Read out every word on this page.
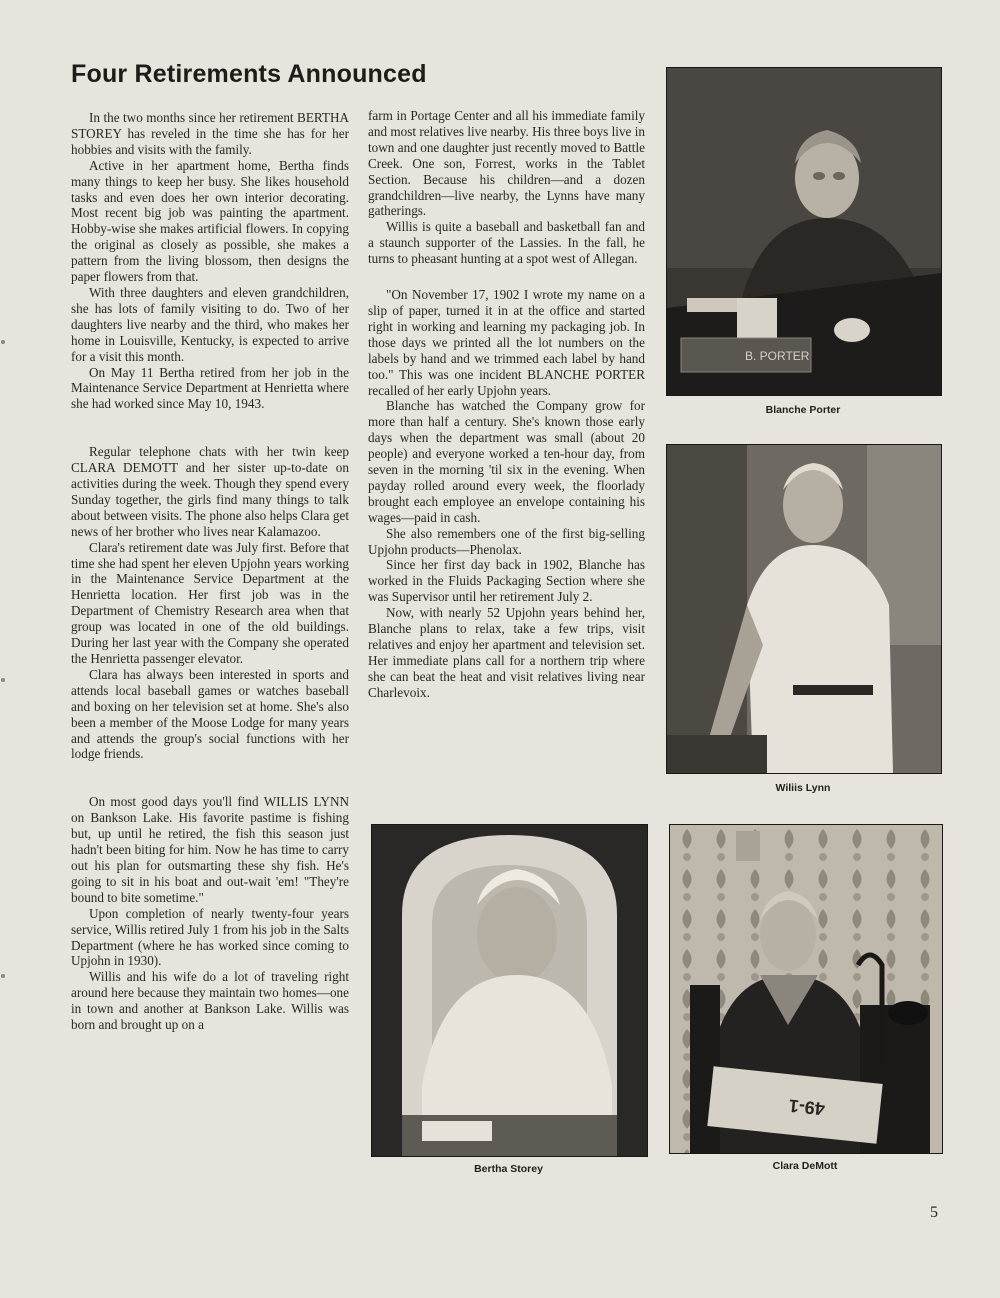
Four Retirements Announced

In the two months since her retirement BERTHA STOREY has reveled in the time she has for her hobbies and visits with the family.

Active in her apartment home, Bertha finds many things to keep her busy. She likes household tasks and even does her own interior decorating. Most recent big job was painting the apartment. Hobby-wise she makes artificial flowers. In copying the original as closely as possible, she makes a pattern from the living blossom, then designs the paper flowers from that.

With three daughters and eleven grandchildren, she has lots of family visiting to do. Two of her daughters live nearby and the third, who makes her home in Louisville, Kentucky, is expected to arrive for a visit this month.

On May 11 Bertha retired from her job in the Maintenance Service Department at Henrietta where she had worked since May 10, 1943.

Regular telephone chats with her twin keep CLARA DEMOTT and her sister up-to-date on activities during the week. Though they spend every Sunday together, the girls find many things to talk about between visits. The phone also helps Clara get news of her brother who lives near Kalamazoo.

Clara's retirement date was July first. Before that time she had spent her eleven Upjohn years working in the Maintenance Service Department at the Henrietta location. Her first job was in the Department of Chemistry Research area when that group was located in one of the old buildings. During her last year with the Company she operated the Henrietta passenger elevator.

Clara has always been interested in sports and attends local baseball games or watches baseball and boxing on her television set at home. She's also been a member of the Moose Lodge for many years and attends the group's social functions with her lodge friends.

On most good days you'll find WILLIS LYNN on Bankson Lake. His favorite pastime is fishing but, up until he retired, the fish this season just hadn't been biting for him. Now he has time to carry out his plan for outsmarting these shy fish. He's going to sit in his boat and out-wait 'em! "They're bound to bite sometime."

Upon completion of nearly twenty-four years service, Willis retired July 1 from his job in the Salts Department (where he has worked since coming to Upjohn in 1930).

Willis and his wife do a lot of traveling right around here because they maintain two homes—one in town and another at Bankson Lake. Willis was born and brought up on a

farm in Portage Center and all his immediate family and most relatives live nearby. His three boys live in town and one daughter just recently moved to Battle Creek. One son, Forrest, works in the Tablet Section. Because his children—and a dozen grandchildren—live nearby, the Lynns have many gatherings.

Willis is quite a baseball and basketball fan and a staunch supporter of the Lassies. In the fall, he turns to pheasant hunting at a spot west of Allegan.

"On November 17, 1902 I wrote my name on a slip of paper, turned it in at the office and started right in working and learning my packaging job. In those days we printed all the lot numbers on the labels by hand and we trimmed each label by hand too." This was one incident BLANCHE PORTER recalled of her early Upjohn years.

Blanche has watched the Company grow for more than half a century. She's known those early days when the department was small (about 20 people) and everyone worked a ten-hour day, from seven in the morning 'til six in the evening. When payday rolled around every week, the floorlady brought each employee an envelope containing his wages—paid in cash.

She also remembers one of the first big-selling Upjohn products—Phenolax.

Since her first day back in 1902, Blanche has worked in the Fluids Packaging Section where she was Supervisor until her retirement July 2.

Now, with nearly 52 Upjohn years behind her, Blanche plans to relax, take a few trips, visit relatives and enjoy her apartment and television set. Her immediate plans call for a northern trip where she can beat the heat and visit relatives living near Charlevoix.

B. PORTER
Blanche Porter
Wiliis Lynn
Bertha Storey
49-1
Clara DeMott
5
